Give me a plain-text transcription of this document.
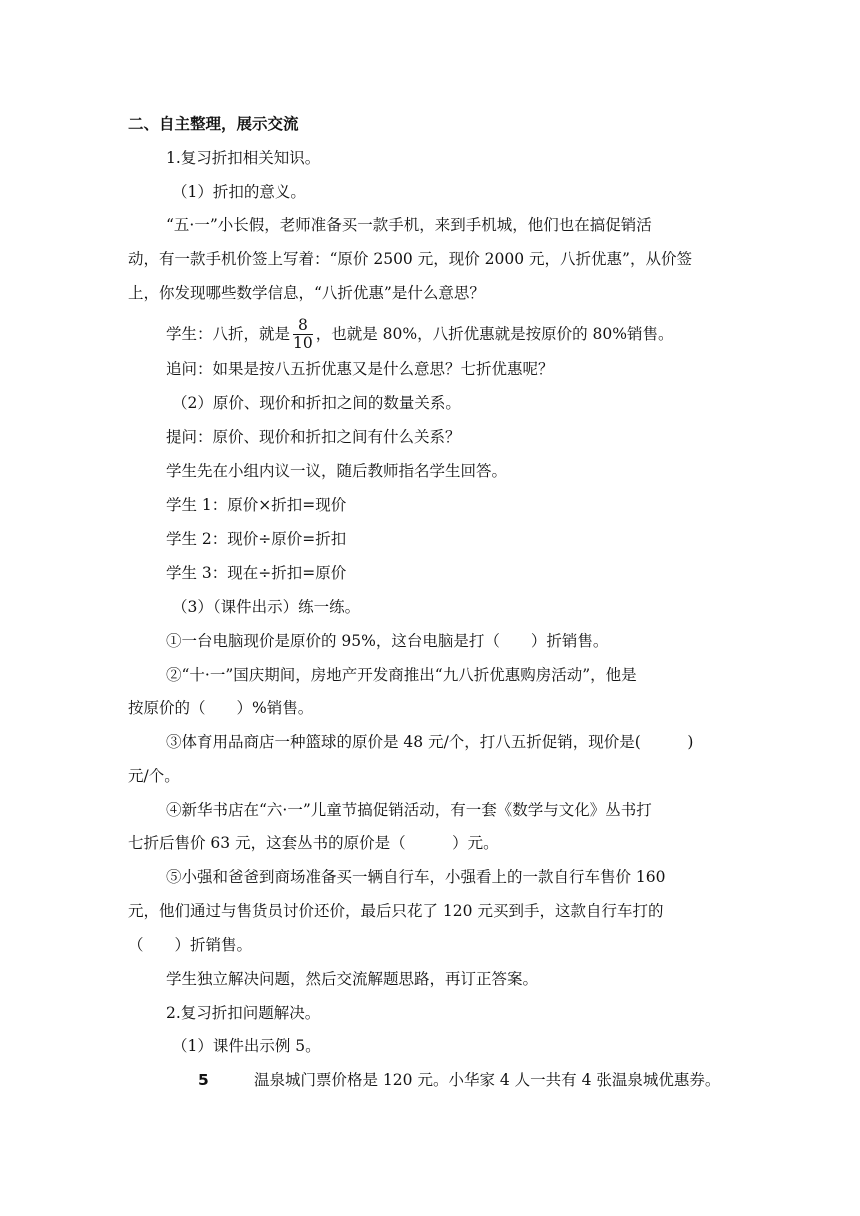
二、自主整理，展示交流
1.复习折扣相关知识。
（1）折扣的意义。
“五·一”小长假，老师准备买一款手机，来到手机城，他们也在搞促销活
动，有一款手机价签上写着：“原价 2500 元，现价 2000 元，八折优惠”，从价签
上，你发现哪些数学信息，“八折优惠”是什么意思？
学生：八折，就是 $\frac{8}{10}$ ，也就是 80%，八折优惠就是按原价的 80%销售。
追问：如果是按八五折优惠又是什么意思？七折优惠呢？
（2）原价、现价和折扣之间的数量关系。
提问：原价、现价和折扣之间有什么关系？
学生先在小组内议一议，随后教师指名学生回答。
学生 1：原价×折扣=现价
学生 2：现价÷原价=折扣
学生 3：现在÷折扣=原价
（3）（课件出示）练一练。
①一台电脑现价是原价的 95%，这台电脑是打（　　）折销售。
②“十·一”国庆期间，房地产开发商推出“九八折优惠购房活动”，他是
按原价的（　　）%销售。
③体育用品商店一种篮球的原价是 48 元/个，打八五折促销，现价是(　　　)
元/个。
④新华书店在“六·一”儿童节搞促销活动，有一套《数学与文化》丛书打
七折后售价 63 元，这套丛书的原价是（　　　）元。
⑤小强和爸爸到商场准备买一辆自行车，小强看上的一款自行车售价 160
元，他们通过与售货员讨价还价，最后只花了 120 元买到手，这款自行车打的
（　　）折销售。
学生独立解决问题，然后交流解题思路，再订正答案。
2.复习折扣问题解决。
（1）课件出示例 5。
5	温泉城门票价格是 120 元。小华家 4 人一共有 4 张温泉城优惠券。
